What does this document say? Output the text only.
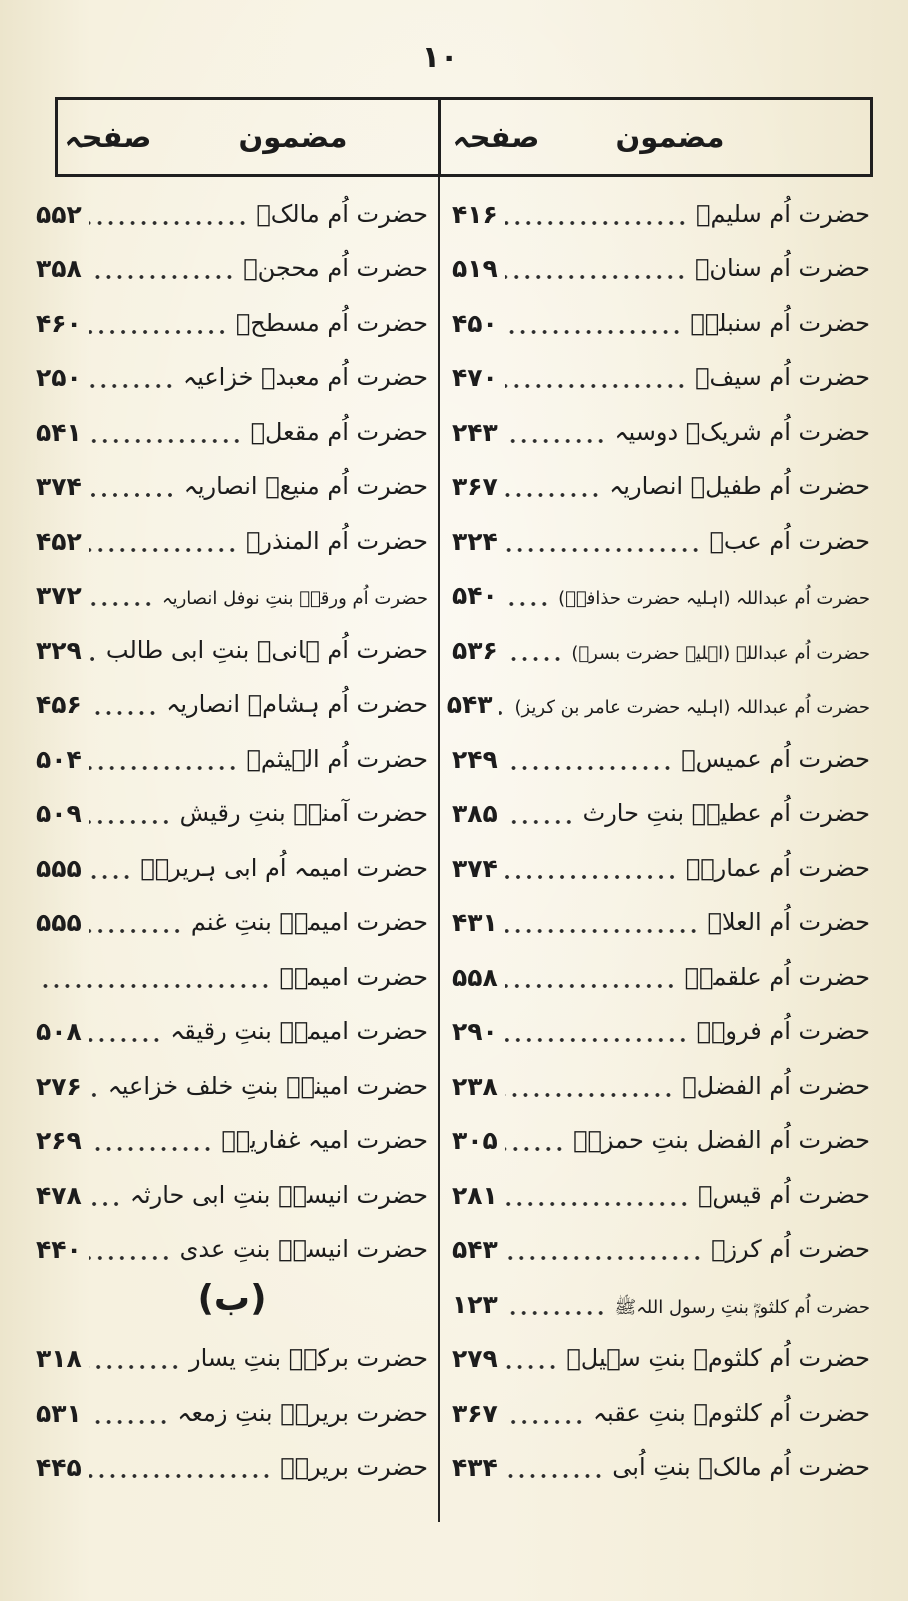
۱۰
مضمون
صفحہ
مضمون
صفحہ
حضرت اُم سلیمؓ
۴۱۶
حضرت اُم سنانؓ
۵۱۹
حضرت اُم سنبلہؓ
۴۵۰
حضرت اُم سیفؓ
۴۷۰
حضرت اُم شریکؓ دوسیہ
۲۴۳
حضرت اُم طفیلؓ انصاریہ
۳۶۷
حضرت اُم عبؓ
۳۲۴
حضرت اُم عبداللہ (اہلیہ حضرت حذافہؓ)
۵۴۰
حضرت اُم عبداللہ (اہلیہ حضرت بسرؓ)
۵۳۶
حضرت اُم عبداللہ (اہلیہ حضرت عامر بن کریز)
۵۴۳
حضرت اُم عمیسؓ
۲۴۹
حضرت اُم عطیہؓ بنتِ حارث
۳۸۵
حضرت اُم عمارہؓ
۳۷۴
حضرت اُم العلاؓ
۴۳۱
حضرت اُم علقمہؓ
۵۵۸
حضرت اُم فروہؓ
۲۹۰
حضرت اُم الفضلؓ
۲۳۸
حضرت اُم الفضل بنتِ حمزہؓ
۳۰۵
حضرت اُم قیسؓ
۲۸۱
حضرت اُم کرزؓ
۵۴۳
حضرت اُم کلثومؓ بنتِ رسول اللہﷺ
۱۲۳
حضرت اُم کلثومؓ بنتِ سہیلؓ
۲۷۹
حضرت اُم کلثومؓ بنتِ عقبہ
۳۶۷
حضرت اُم مالکؓ بنتِ اُبی
۴۳۴
حضرت اُم مالکؓ
۵۵۲
حضرت اُم محجنؓ
۳۵۸
حضرت اُم مسطحؓ
۴۶۰
حضرت اُم معبدؓ خزاعیہ
۲۵۰
حضرت اُم مقعلؓ
۵۴۱
حضرت اُم منیعؓ انصاریہ
۳۷۴
حضرت اُم المنذرؓ
۴۵۲
حضرت اُم ورقہؓ بنتِ نوفل انصاریہ
۳۷۲
حضرت اُم ہانیؓ بنتِ ابی طالب
۳۲۹
حضرت اُم ہشامؓ انصاریہ
۴۵۶
حضرت اُم الہیثمؓ
۵۰۴
حضرت آمنہؓ بنتِ رقیش
۵۰۹
حضرت امیمہ اُم ابی ہریرہؓ
۵۵۵
حضرت امیمہؓ بنتِ غنم
۵۵۵
حضرت امیمہؓ
حضرت امیمہؓ بنتِ رقیقہ
۵۰۸
حضرت امینہؓ بنتِ خلف خزاعیہ
۲۷۶
حضرت امیہ غفاریہؓ
۲۶۹
حضرت انیسہؓ بنتِ ابی حارثہ
۴۷۸
حضرت انیسہؓ بنتِ عدی
۴۴۰
(ب)
حضرت برکہؓ بنتِ یسار
۳۱۸
حضرت بریرہؓ بنتِ زمعہ
۵۳۱
حضرت بریرہؓ
۴۴۵
